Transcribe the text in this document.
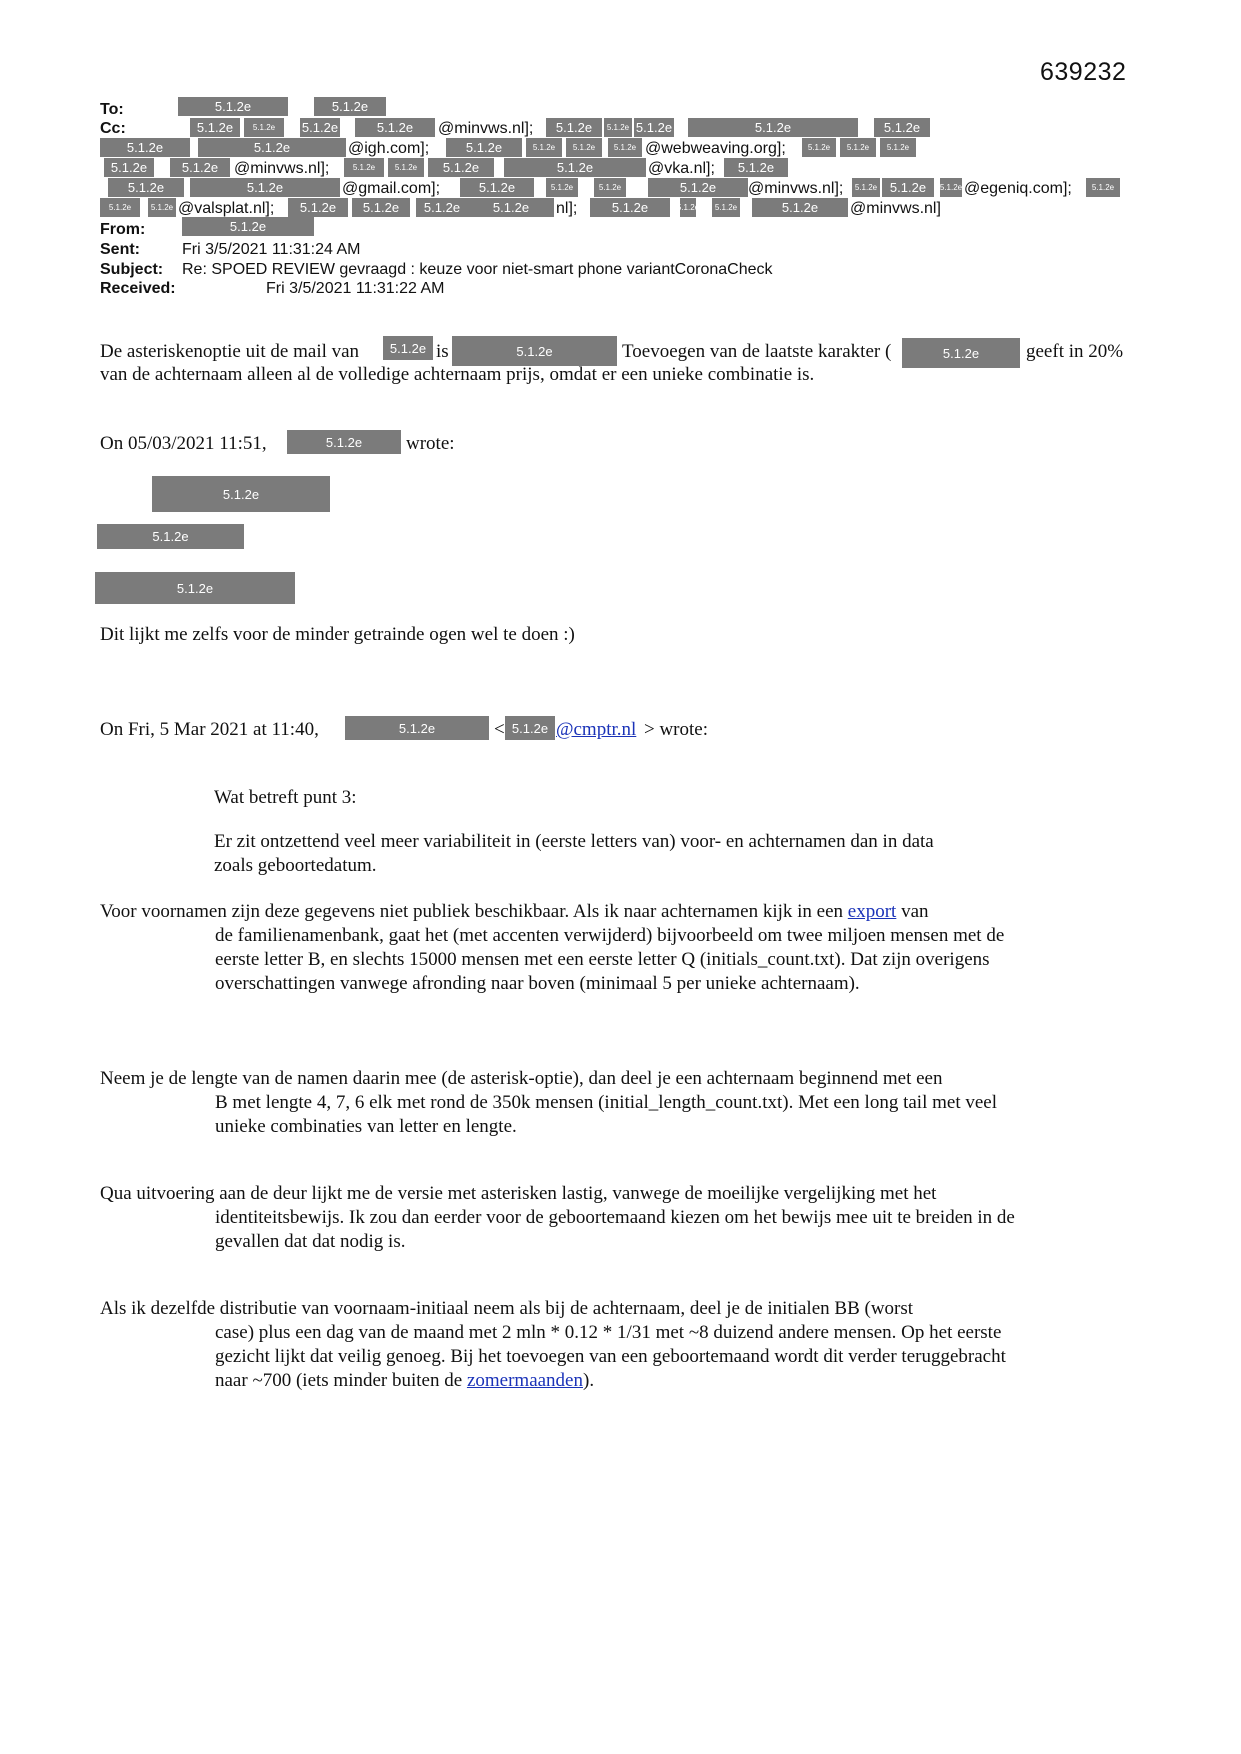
639232
To:
Cc:
5.1.2e	5.1.2e
5.1.2e	5.1.2e	5.1.2e	5.1.2e	@minvws.nl];	5.1.2e	5.1.2e 5.1.2e	5.1.2e	5.1.2e
5.1.2e	5.1.2e	@igh.com];	5.1.2e	5.1.2e	5.1.2e	5.1.2e @webweaving.org];	5.1.2e	5.1.2e	5.1.2e
5.1.2e	5.1.2e @minvws.nl];	5.1.2e	5.1.2e	5.1.2e	5.1.2e	@vka.nl];	5.1.2e
5.1.2e	5.1.2e	@gmail.com];	5.1.2e	5.1.2e	5.1.2e	5.1.2e	@minvws.nl];	5.1.2e 5.1.2e	5.1.2e @egeniq.com];	5.1.2e
5.1.2e	5.1.2e @valsplat.nl];	5.1.2e	5.1.2e	5.1.2e	5.1.2e	nl];	5.1.2e	5.1.2e	5.1.2e	5.1.2e	@minvws.nl]
From:	5.1.2e
Sent:	Fri 3/5/2021 11:31:24 AM
Subject: Re: SPOED REVIEW gevraagd : keuze voor niet-smart phone variantCoronaCheck
Received:	Fri 3/5/2021 11:31:22 AM
De asteriskenoptie uit de mail van	5.1.2e is	5.1.2e	Toevoegen van de laatste karakter (	5.1.2e	geeft in 20%
van de achternaam alleen al de volledige achternaam prijs, omdat er een unieke combinatie is.
On 05/03/2021 11:51,	5.1.2e	wrote:
5.1.2e
5.1.2e
5.1.2e
Dit lijkt me zelfs voor de minder getrainde ogen wel te doen :)
On Fri, 5 Mar 2021 at 11:40,	5.1.2e	< 5.1.2e @cmptr.nl > wrote:
Wat betreft punt 3:
Er zit ontzettend veel meer variabiliteit in (eerste letters van) voor- en achternamen dan in data
zoals geboortedatum.
Voor voornamen zijn deze gegevens niet publiek beschikbaar. Als ik naar achternamen kijk in een export van
de familienamenbank, gaat het (met accenten verwijderd) bijvoorbeeld om twee miljoen mensen met de eerste letter B, en slechts 15000 mensen met een eerste letter Q (initials_count.txt). Dat zijn overigens overschattingen vanwege afronding naar boven (minimaal 5 per unieke achternaam).
Neem je de lengte van de namen daarin mee (de asterisk-optie), dan deel je een achternaam beginnend met een
B met lengte 4, 7, 6 elk met rond de 350k mensen (initial_length_count.txt). Met een long tail met veel unieke combinaties van letter en lengte.
Qua uitvoering aan de deur lijkt me de versie met asterisken lastig, vanwege de moeilijke vergelijking met het
identiteitsbewijs. Ik zou dan eerder voor de geboortemaand kiezen om het bewijs mee uit te breiden in de gevallen dat dat nodig is.
Als ik dezelfde distributie van voornaam-initiaal neem als bij de achternaam, deel je de initialen BB (worst
case) plus een dag van de maand met 2 mln * 0.12 * 1/31 met ~8 duizend andere mensen. Op het eerste gezicht lijkt dat veilig genoeg. Bij het toevoegen van een geboortemaand wordt dit verder teruggebracht naar ~700 (iets minder buiten de zomermaanden).
